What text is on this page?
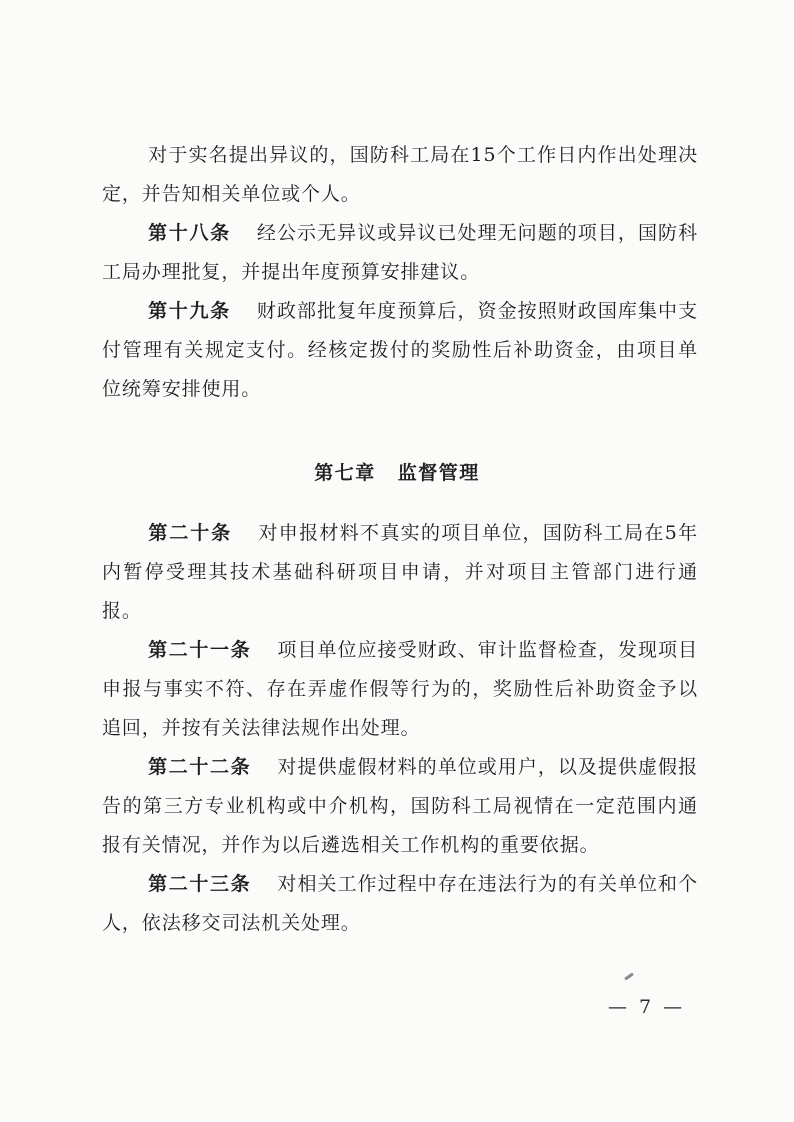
对于实名提出异议的，国防科工局在15个工作日内作出处理决定，并告知相关单位或个人。

第十八条 经公示无异议或异议已处理无问题的项目，国防科工局办理批复，并提出年度预算安排建议。

第十九条 财政部批复年度预算后，资金按照财政国库集中支付管理有关规定支付。经核定拨付的奖励性后补助资金，由项目单位统筹安排使用。

第七章 监督管理

第二十条 对申报材料不真实的项目单位，国防科工局在5年内暂停受理其技术基础科研项目申请，并对项目主管部门进行通报。

第二十一条 项目单位应接受财政、审计监督检查，发现项目申报与事实不符、存在弄虚作假等行为的，奖励性后补助资金予以追回，并按有关法律法规作出处理。

第二十二条 对提供虚假材料的单位或用户，以及提供虚假报告的第三方专业机构或中介机构，国防科工局视情在一定范围内通报有关情况，并作为以后遴选相关工作机构的重要依据。

第二十三条 对相关工作过程中存在违法行为的有关单位和个人，依法移交司法机关处理。

— 7 —
